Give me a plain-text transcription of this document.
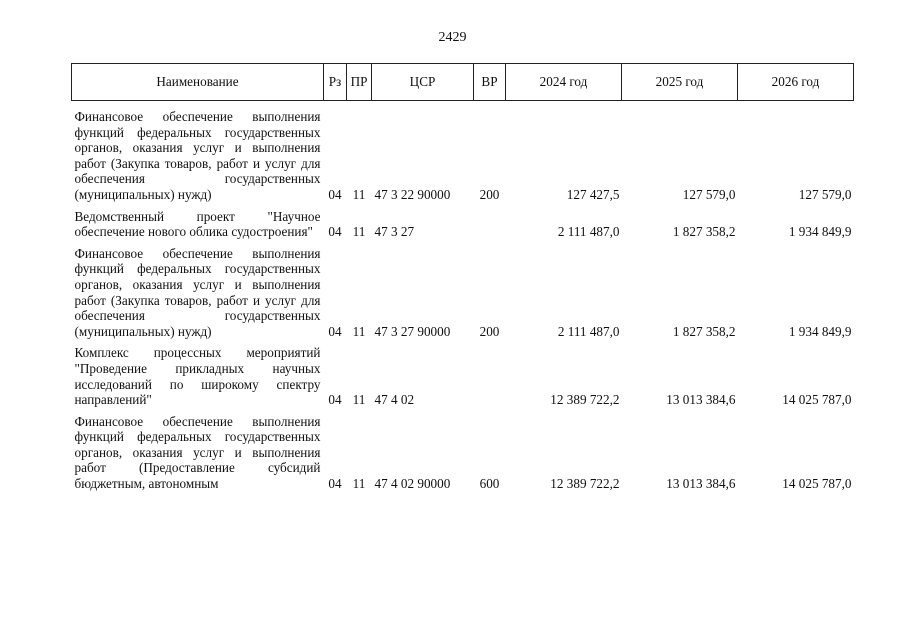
2429
Наименование	Рз	ПР	ЦСР	ВР	2024 год	2025 год	2026 год
Финансовое обеспечение выполнения функций федеральных государственных органов, оказания услуг и выполнения работ (Закупка товаров, работ и услуг для обеспечения государственных (муниципальных) нужд)	04	11	47 3 22 90000	200	127 427,5	127 579,0	127 579,0
Ведомственный проект "Научное обеспечение нового облика судостроения"	04	11	47 3 27		2 111 487,0	1 827 358,2	1 934 849,9
Финансовое обеспечение выполнения функций федеральных государственных органов, оказания услуг и выполнения работ (Закупка товаров, работ и услуг для обеспечения государственных (муниципальных) нужд)	04	11	47 3 27 90000	200	2 111 487,0	1 827 358,2	1 934 849,9
Комплекс процессных мероприятий "Проведение прикладных научных исследований по широкому спектру направлений"	04	11	47 4 02		12 389 722,2	13 013 384,6	14 025 787,0
Финансовое обеспечение выполнения функций федеральных государственных органов, оказания услуг и выполнения работ (Предоставление субсидий бюджетным, автономным	04	11	47 4 02 90000	600	12 389 722,2	13 013 384,6	14 025 787,0
